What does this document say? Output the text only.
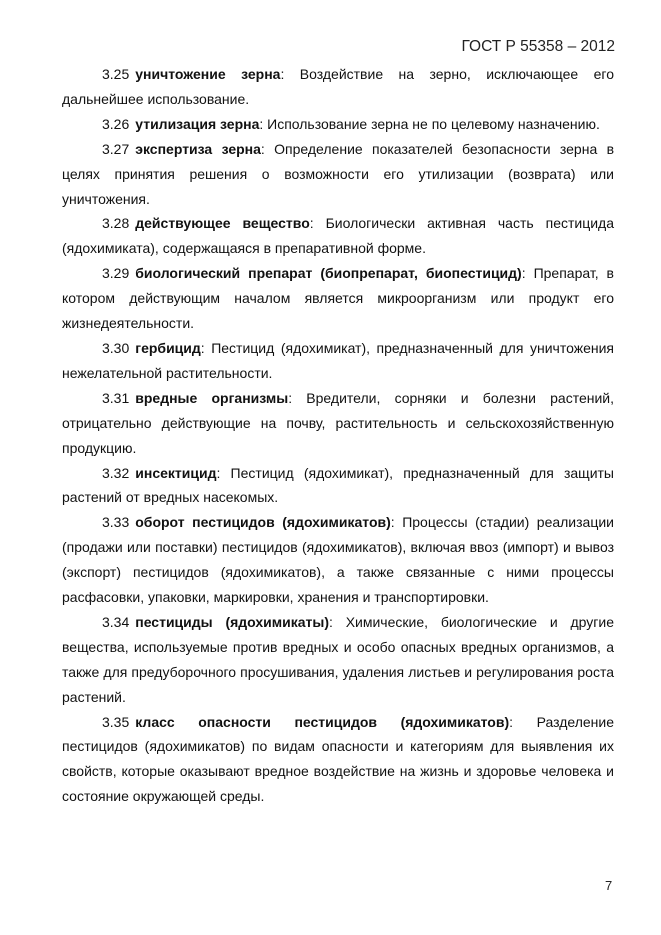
ГОСТ Р 55358 – 2012

3.25 уничтожение зерна: Воздействие на зерно, исключающее его дальнейшее использование.

3.26 утилизация зерна: Использование зерна не по целевому назначению.

3.27 экспертиза зерна: Определение показателей безопасности зерна в целях принятия решения о возможности его утилизации (возврата) или уничтожения.

3.28 действующее вещество: Биологически активная часть пестицида (ядохимиката), содержащаяся в препаративной форме.

3.29 биологический препарат (биопрепарат, биопестицид): Препарат, в котором действующим началом является микроорганизм или продукт его жизнедеятельности.

3.30 гербицид: Пестицид (ядохимикат), предназначенный для уничтожения нежелательной растительности.

3.31 вредные организмы: Вредители, сорняки и болезни растений, отрицательно действующие на почву, растительность и сельскохозяйственную продукцию.

3.32 инсектицид: Пестицид (ядохимикат), предназначенный для защиты растений от вредных насекомых.

3.33 оборот пестицидов (ядохимикатов): Процессы (стадии) реализации (продажи или поставки) пестицидов (ядохимикатов), включая ввоз (импорт) и вывоз (экспорт) пестицидов (ядохимикатов), а также связанные с ними процессы расфасовки, упаковки, маркировки, хранения и транспортировки.

3.34 пестициды (ядохимикаты): Химические, биологические и другие вещества, используемые против вредных и особо опасных вредных организмов, а также для предуборочного просушивания, удаления листьев и регулирования роста растений.

3.35 класс опасности пестицидов (ядохимикатов): Разделение пестицидов (ядохимикатов) по видам опасности и категориям для выявления их свойств, которые оказывают вредное воздействие на жизнь и здоровье человека и состояние окружающей среды.

7
